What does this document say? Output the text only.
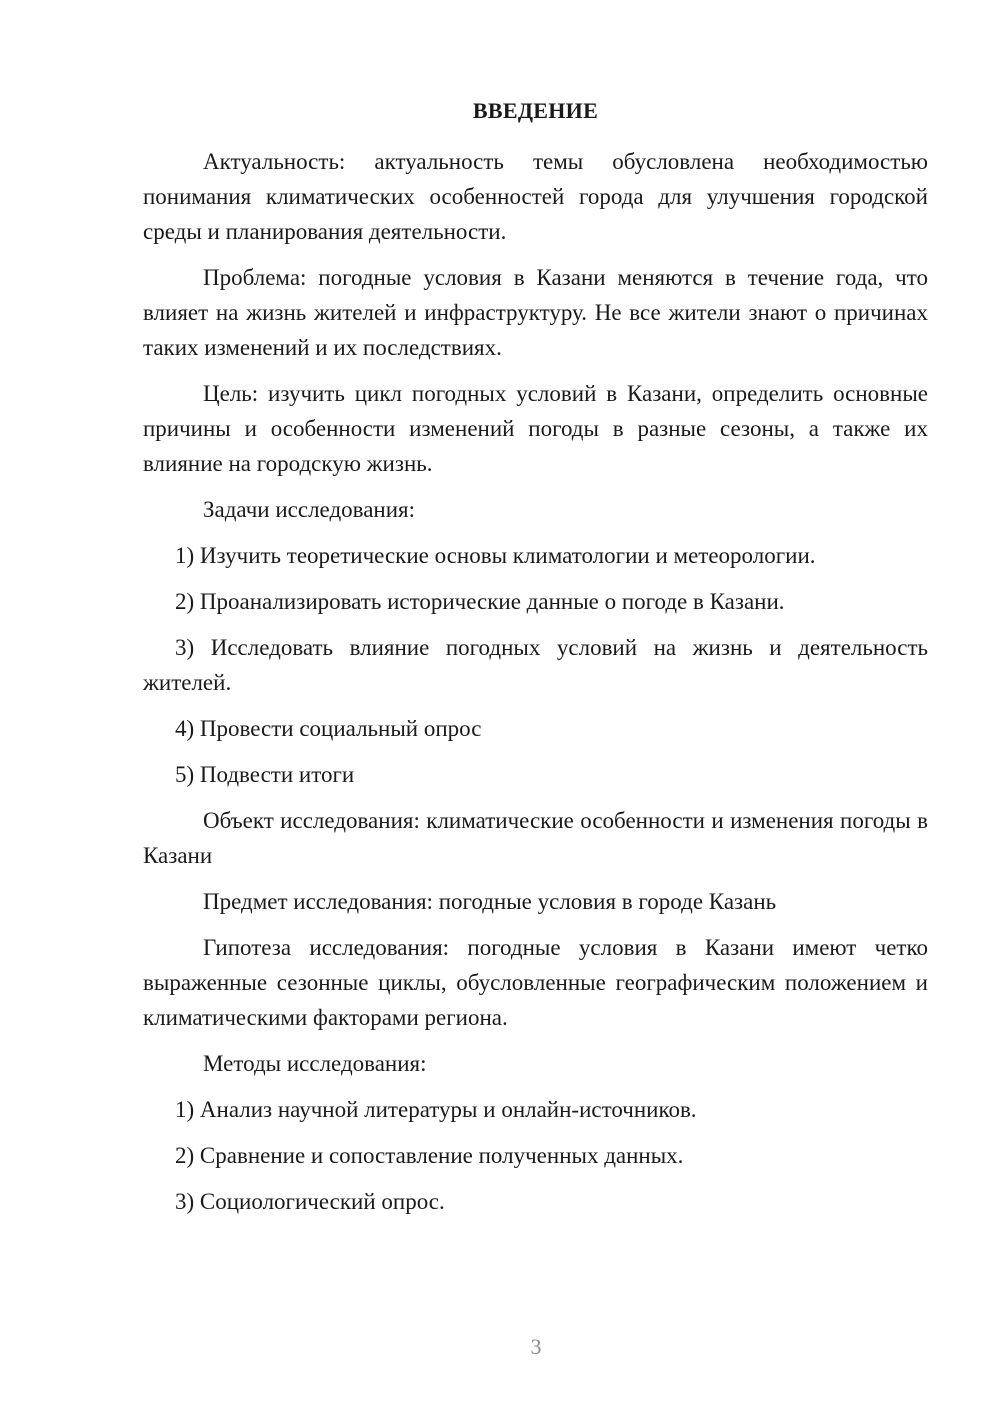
ВВЕДЕНИЕ

Актуальность: актуальность темы обусловлена необходимостью понимания климатических особенностей города для улучшения городской среды и планирования деятельности.

Проблема: погодные условия в Казани меняются в течение года, что влияет на жизнь жителей и инфраструктуру. Не все жители знают о причинах таких изменений и их последствиях.

Цель: изучить цикл погодных условий в Казани, определить основные причины и особенности изменений погоды в разные сезоны, а также их влияние на городскую жизнь.

Задачи исследования:

1) Изучить теоретические основы климатологии и метеорологии.

2) Проанализировать исторические данные о погоде в Казани.

3) Исследовать влияние погодных условий на жизнь и деятельность жителей.

4) Провести социальный опрос

5) Подвести итоги

Объект исследования: климатические особенности и изменения погоды в Казани

Предмет исследования: погодные условия в городе Казань

Гипотеза исследования: погодные условия в Казани имеют четко выраженные сезонные циклы, обусловленные географическим положением и климатическими факторами региона.

Методы исследования:

1) Анализ научной литературы и онлайн-источников.

2) Сравнение и сопоставление полученных данных.

3) Социологический опрос.

3
